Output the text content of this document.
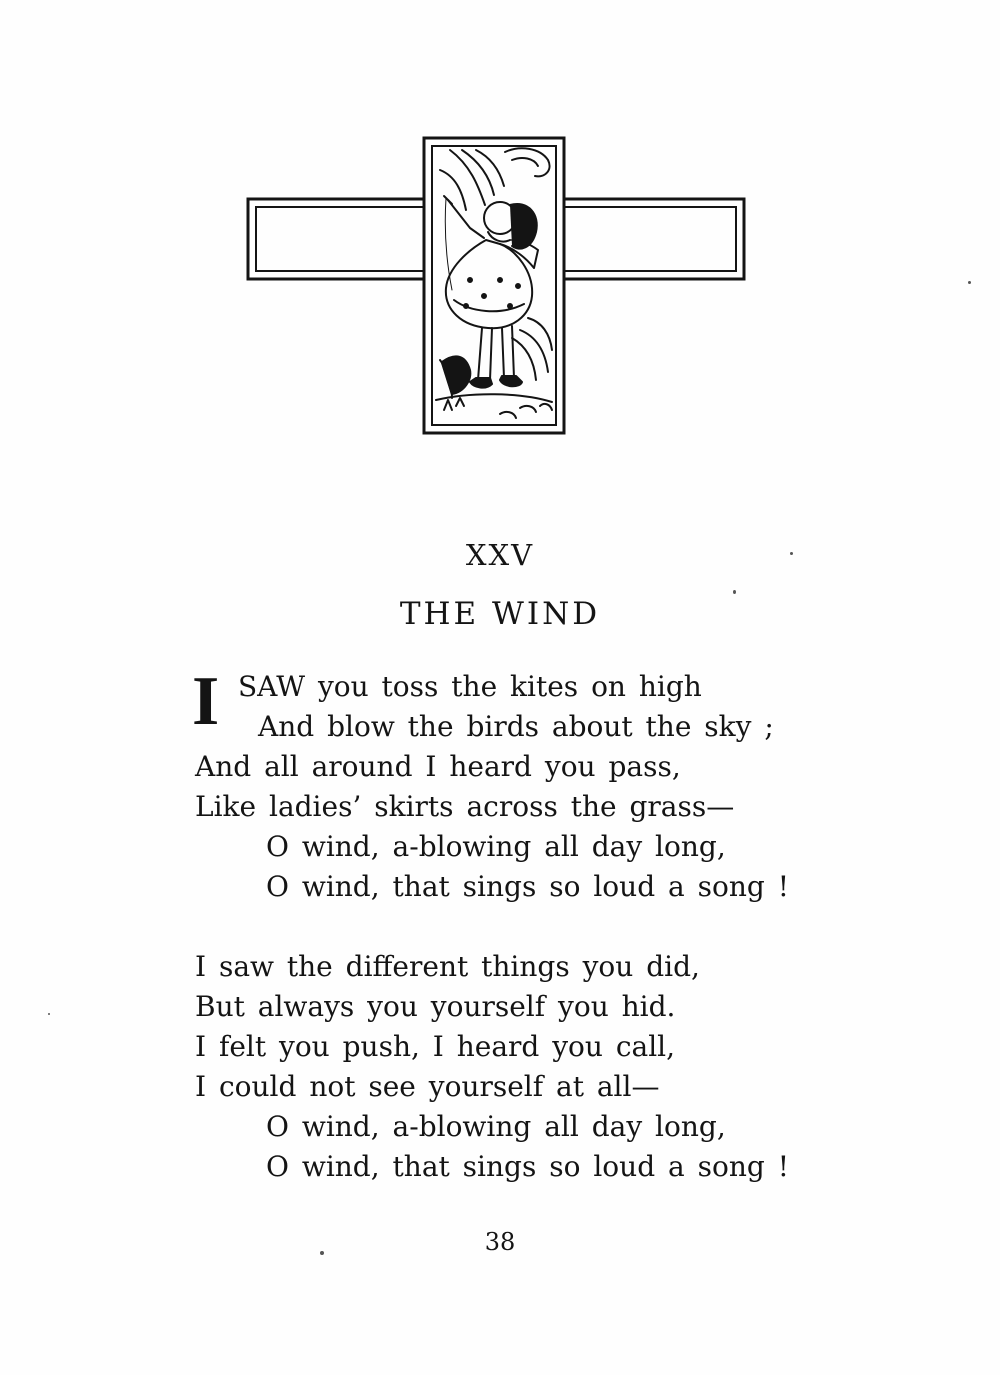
XXV
THE WIND
I SAW you toss the kites on high
And blow the birds about the sky ;
And all around I heard you pass,
Like ladies’ skirts across the grass—
O wind, a-blowing all day long,
O wind, that sings so loud a song !
I saw the different things you did,
But always you yourself you hid.
I felt you push, I heard you call,
I could not see yourself at all—
O wind, a-blowing all day long,
O wind, that sings so loud a song !
38
